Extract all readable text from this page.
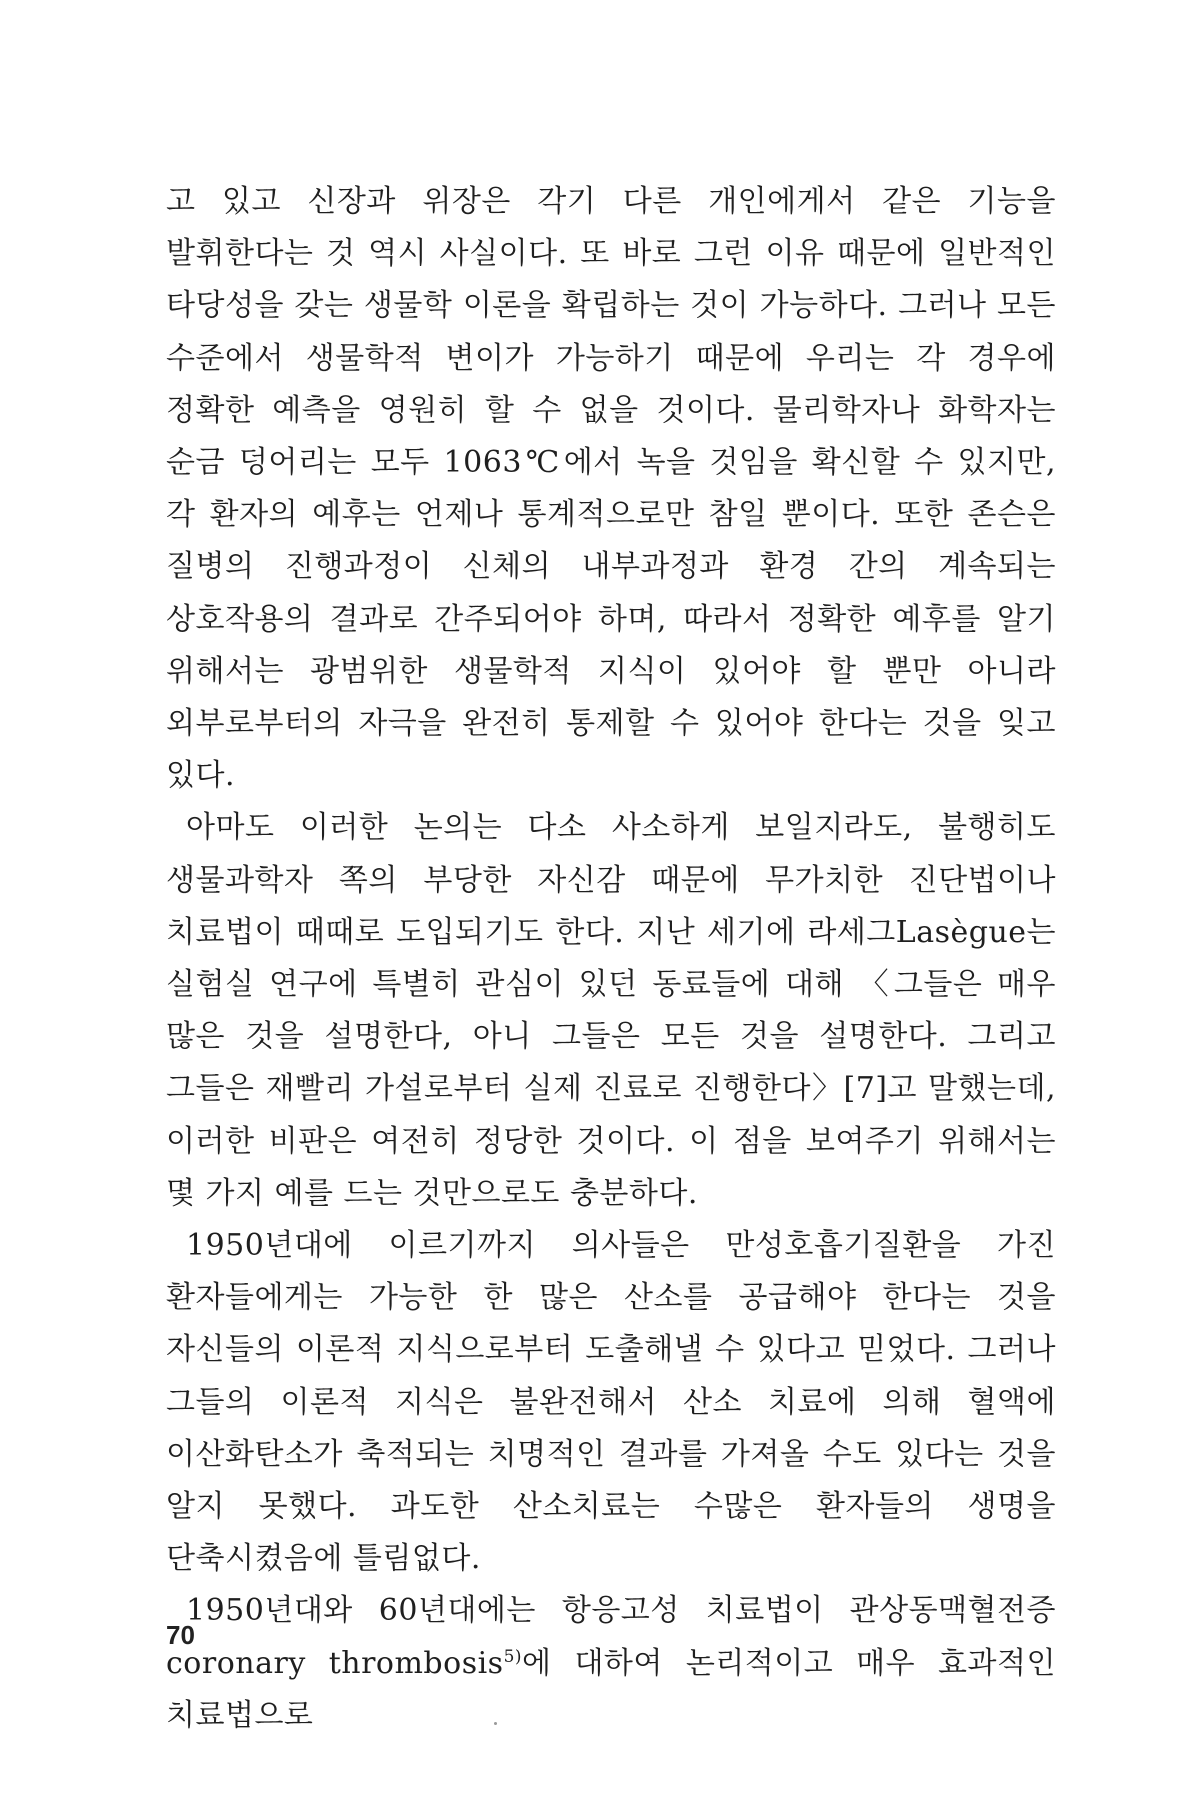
고 있고 신장과 위장은 각기 다른 개인에게서 같은 기능을 발휘한다는 것 역시 사실이다. 또 바로 그런 이유 때문에 일반적인 타당성을 갖는 생물학 이론을 확립하는 것이 가능하다. 그러나 모든 수준에서 생물학적 변이가 가능하기 때문에 우리는 각 경우에 정확한 예측을 영원히 할 수 없을 것이다. 물리학자나 화학자는 순금 덩어리는 모두 1063℃에서 녹을 것임을 확신할 수 있지만, 각 환자의 예후는 언제나 통계적으로만 참일 뿐이다. 또한 존슨은 질병의 진행과정이 신체의 내부과정과 환경 간의 계속되는 상호작용의 결과로 간주되어야 하며, 따라서 정확한 예후를 알기 위해서는 광범위한 생물학적 지식이 있어야 할 뿐만 아니라 외부로부터의 자극을 완전히 통제할 수 있어야 한다는 것을 잊고 있다.

아마도 이러한 논의는 다소 사소하게 보일지라도, 불행히도 생물과학자 쪽의 부당한 자신감 때문에 무가치한 진단법이나 치료법이 때때로 도입되기도 한다. 지난 세기에 라세그Lasègue는 실험실 연구에 특별히 관심이 있던 동료들에 대해 〈그들은 매우 많은 것을 설명한다, 아니 그들은 모든 것을 설명한다. 그리고 그들은 재빨리 가설로부터 실제 진료로 진행한다〉[7]고 말했는데, 이러한 비판은 여전히 정당한 것이다. 이 점을 보여주기 위해서는 몇 가지 예를 드는 것만으로도 충분하다.

1950년대에 이르기까지 의사들은 만성호흡기질환을 가진 환자들에게는 가능한 한 많은 산소를 공급해야 한다는 것을 자신들의 이론적 지식으로부터 도출해낼 수 있다고 믿었다. 그러나 그들의 이론적 지식은 불완전해서 산소 치료에 의해 혈액에 이산화탄소가 축적되는 치명적인 결과를 가져올 수도 있다는 것을 알지 못했다. 과도한 산소치료는 수많은 환자들의 생명을 단축시켰음에 틀림없다.

1950년대와 60년대에는 항응고성 치료법이 관상동맥혈전증 coronary thrombosis$^{5)}$에 대하여 논리적이고 매우 효과적인 치료법으로

70
